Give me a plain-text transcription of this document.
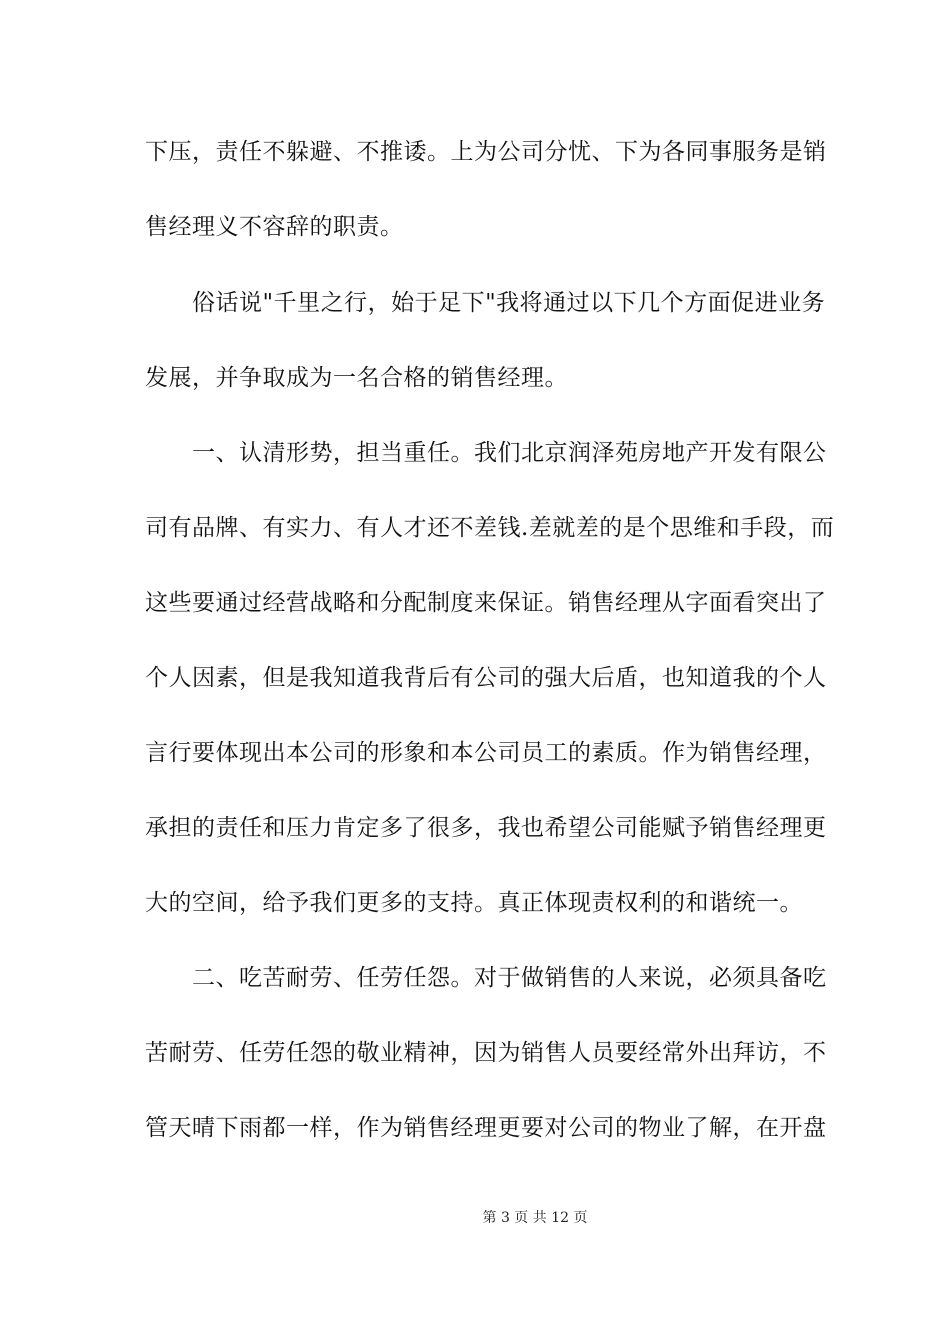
下压，责任不躲避、不推诿。上为公司分忧、下为各同事服务是销
售经理义不容辞的职责。
　　俗话说"千里之行，始于足下"我将通过以下几个方面促进业务
发展，并争取成为一名合格的销售经理。
　　一、认清形势，担当重任。我们北京润泽苑房地产开发有限公
司有品牌、有实力、有人才还不差钱.差就差的是个思维和手段，而
这些要通过经营战略和分配制度来保证。销售经理从字面看突出了
个人因素，但是我知道我背后有公司的强大后盾，也知道我的个人
言行要体现出本公司的形象和本公司员工的素质。作为销售经理，
承担的责任和压力肯定多了很多，我也希望公司能赋予销售经理更
大的空间，给予我们更多的支持。真正体现责权利的和谐统一。
　　二、吃苦耐劳、任劳任怨。对于做销售的人来说，必须具备吃
苦耐劳、任劳任怨的敬业精神，因为销售人员要经常外出拜访，不
管天晴下雨都一样，作为销售经理更要对公司的物业了解，在开盘
第 3 页 共 12 页
